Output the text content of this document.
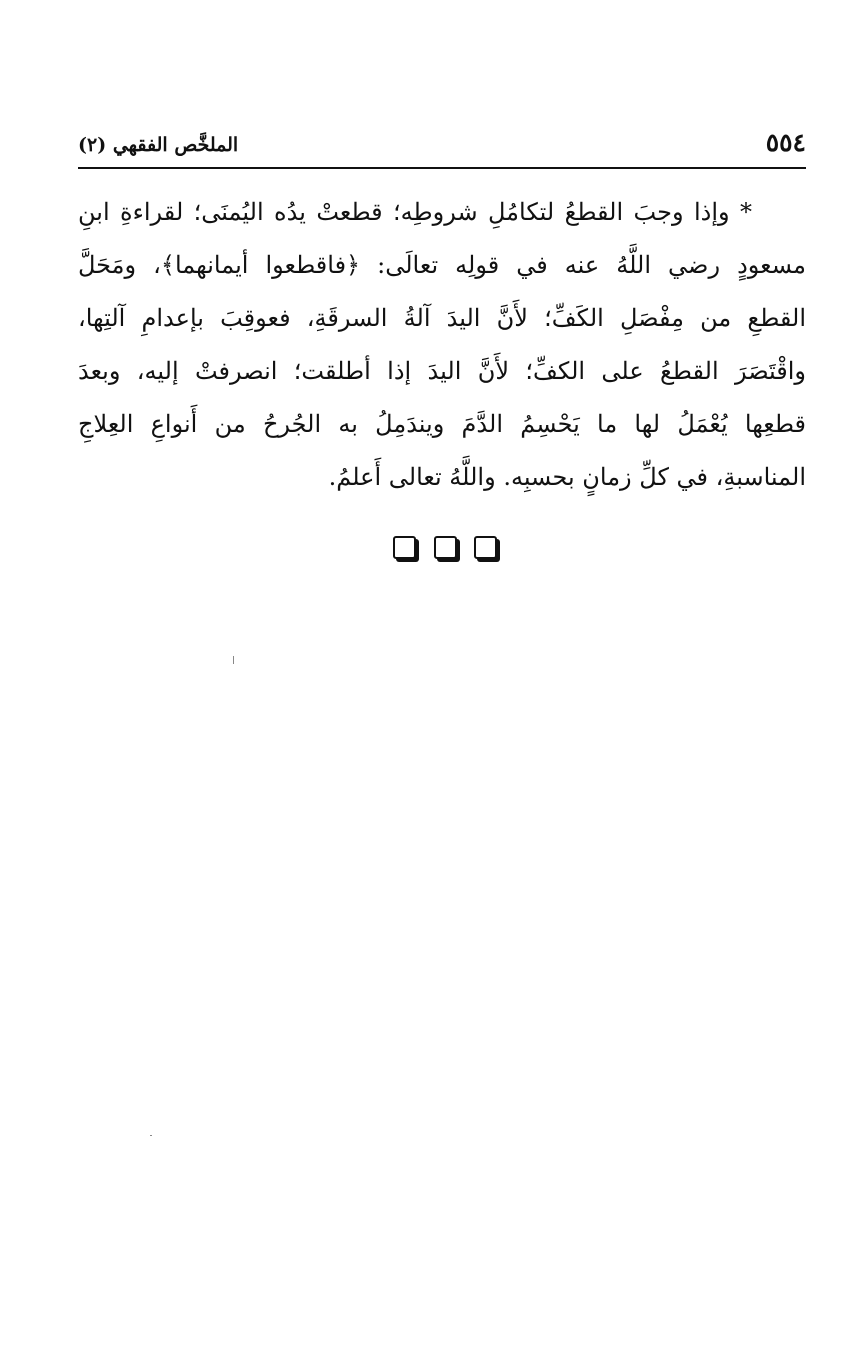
٥٥٤
الملخَّص الفقهي (٢)
* وإذا وجبَ القطعُ لتكامُلِ شروطِه؛ قطعتْ يدُه اليُمنَى؛ لقراءةِ ابنِ
مسعودٍ رضي اللَّهُ عنه في قولِه تعالَى: ﴿فاقطعوا أيمانهما﴾، ومَحَلَّ
القطعِ من مِفْصَلِ الكَفِّ؛ لأَنَّ اليدَ آلةُ السرقَةِ، فعوقِبَ بإعدامِ آلتِها،
واقْتَصَرَ القطعُ على الكفِّ؛ لأَنَّ اليدَ إذا أطلقت؛ انصرفتْ إليه، وبعدَ
قطعِها يُعْمَلُ لها ما يَحْسِمُ الدَّمَ ويندَمِلُ به الجُرحُ من أَنواعِ العِلاجِ
المناسبةِ، في كلِّ زمانٍ بحسبِه. واللَّهُ تعالى أَعلمُ.
